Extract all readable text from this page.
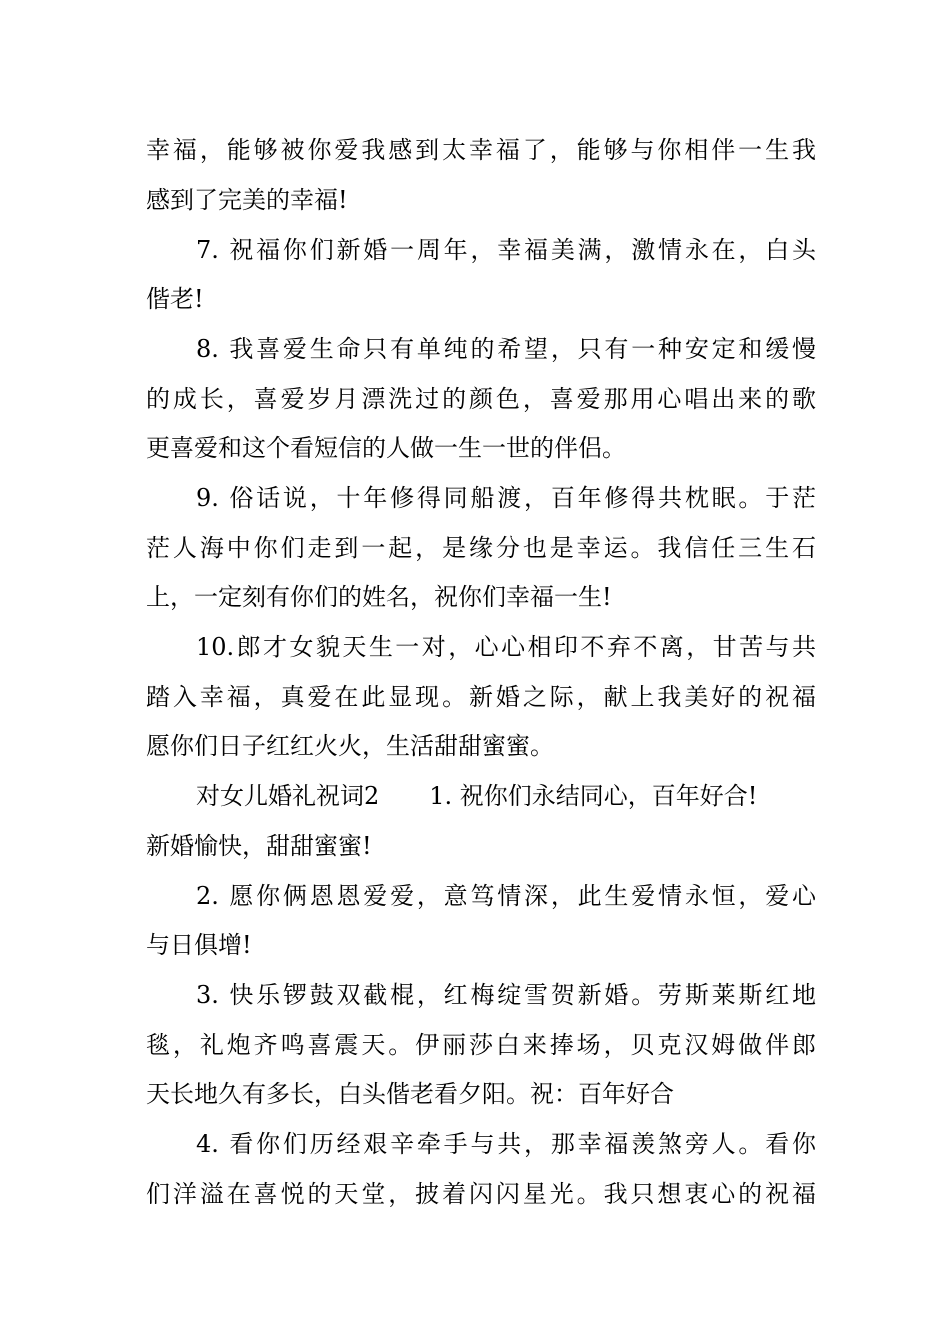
幸福，能够被你爱我感到太幸福了，能够与你相伴一生我
感到了完美的幸福!
7. 祝福你们新婚一周年，幸福美满，激情永在，白头
偕老!
8. 我喜爱生命只有单纯的希望，只有一种安定和缓慢
的成长，喜爱岁月漂洗过的颜色，喜爱那用心唱出来的歌
更喜爱和这个看短信的人做一生一世的伴侣。
9. 俗话说，十年修得同船渡，百年修得共枕眠。于茫
茫人海中你们走到一起，是缘分也是幸运。我信任三生石
上，一定刻有你们的姓名，祝你们幸福一生!
10.郎才女貌天生一对，心心相印不弃不离，甘苦与共
踏入幸福，真爱在此显现。新婚之际，献上我美好的祝福
愿你们日子红红火火，生活甜甜蜜蜜。
对女儿婚礼祝词2 1. 祝你们永结同心，百年好合!
新婚愉快，甜甜蜜蜜!
2. 愿你俩恩恩爱爱，意笃情深，此生爱情永恒，爱心
与日俱增!
3. 快乐锣鼓双截棍，红梅绽雪贺新婚。劳斯莱斯红地
毯，礼炮齐鸣喜震天。伊丽莎白来捧场，贝克汉姆做伴郎
天长地久有多长，白头偕老看夕阳。祝：百年好合
4. 看你们历经艰辛牵手与共，那幸福羡煞旁人。看你
们洋溢在喜悦的天堂，披着闪闪星光。我只想衷心的祝福
